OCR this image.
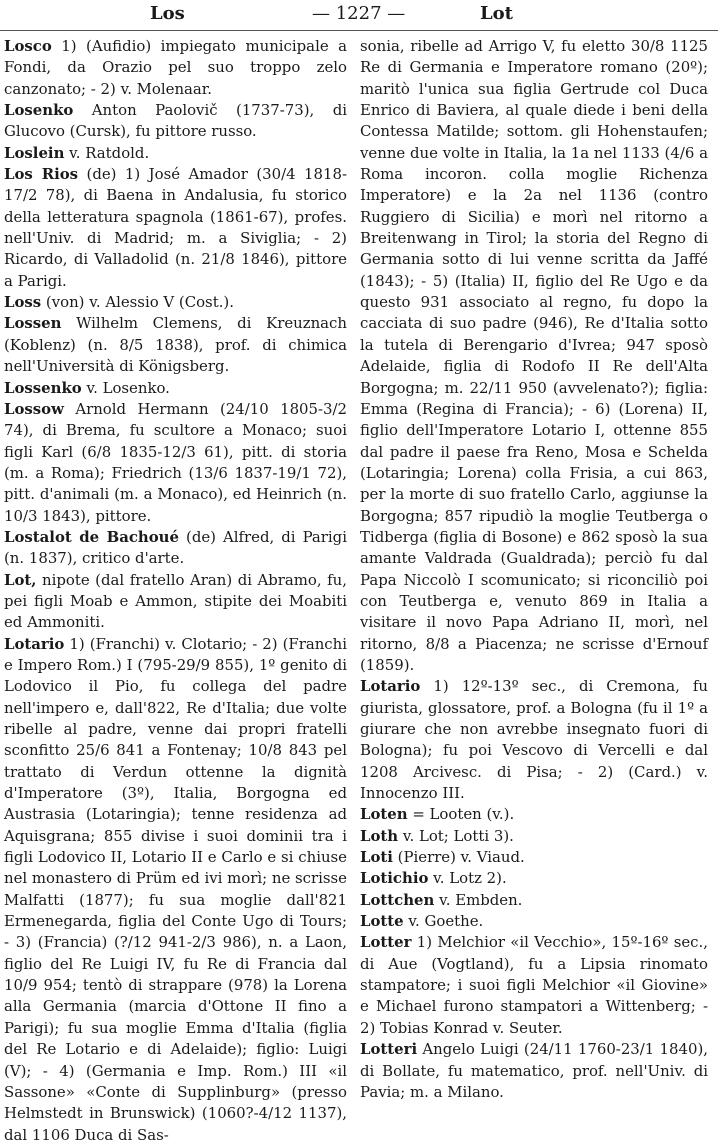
Los	— 1227 —	Lot

Losco 1) (Aufidio) impiegato municipale a Fondi, da Orazio pel suo troppo zelo canzonato; - 2) v. Molenaar.

Losenko Anton Paolovič (1737-73), di Glucovo (Cursk), fu pittore russo.

Loslein v. Ratdold.

Los Rios (de) 1) José Amador (30/4 1818-17/2 78), di Baena in Andalusia, fu storico della letteratura spagnola (1861-67), profes. nell'Univ. di Madrid; m. a Siviglia; - 2) Ricardo, di Valladolid (n. 21/8 1846), pittore a Parigi.

Loss (von) v. Alessio V (Cost.).

Lossen Wilhelm Clemens, di Kreuznach (Koblenz) (n. 8/5 1838), prof. di chimica nell'Università di Königsberg.

Lossenko v. Losenko.

Lossow Arnold Hermann (24/10 1805-3/2 74), di Brema, fu scultore a Monaco; suoi figli Karl (6/8 1835-12/3 61), pitt. di storia (m. a Roma); Friedrich (13/6 1837-19/1 72), pitt. d'animali (m. a Monaco), ed Heinrich (n. 10/3 1843), pittore.

Lostalot de Bachoué (de) Alfred, di Parigi (n. 1837), critico d'arte.

Lot, nipote (dal fratello Aran) di Abramo, fu, pei figli Moab e Ammon, stipite dei Moabiti ed Ammoniti.

Lotario 1) (Franchi) v. Clotario; - 2) (Franchi e Impero Rom.) I (795-29/9 855), 1º genito di Lodovico il Pio, fu collega del padre nell'impero e, dall'822, Re d'Italia; due volte ribelle al padre, venne dai propri fratelli sconfitto 25/6 841 a Fontenay; 10/8 843 pel trattato di Verdun ottenne la dignità d'Imperatore (3º), Italia, Borgogna ed Austrasia (Lotaringia); tenne residenza ad Aquisgrana; 855 divise i suoi dominii tra i figli Lodovico II, Lotario II e Carlo e si chiuse nel monastero di Prüm ed ivi morì; ne scrisse Malfatti (1877); fu sua moglie dall'821 Ermenegarda, figlia del Conte Ugo di Tours; - 3) (Francia) (?/12 941-2/3 986), n. a Laon, figlio del Re Luigi IV, fu Re di Francia dal 10/9 954; tentò di strappare (978) la Lorena alla Germania (marcia d'Ottone II fino a Parigi); fu sua moglie Emma d'Italia (figlia del Re Lotario e di Adelaide); figlio: Luigi (V); - 4) (Germania e Imp. Rom.) III «il Sassone» «Conte di Supplinburg» (presso Helmstedt in Brunswick) (1060?-4/12 1137), dal 1106 Duca di Sas-

sonia, ribelle ad Arrigo V, fu eletto 30/8 1125 Re di Germania e Imperatore romano (20º); maritò l'unica sua figlia Gertrude col Duca Enrico di Baviera, al quale diede i beni della Contessa Matilde; sottom. gli Hohenstaufen; venne due volte in Italia, la 1a nel 1133 (4/6 a Roma incoron. colla moglie Richenza Imperatore) e la 2a nel 1136 (contro Ruggiero di Sicilia) e morì nel ritorno a Breitenwang in Tirol; la storia del Regno di Germania sotto di lui venne scritta da Jaffé (1843); - 5) (Italia) II, figlio del Re Ugo e da questo 931 associato al regno, fu dopo la cacciata di suo padre (946), Re d'Italia sotto la tutela di Berengario d'Ivrea; 947 sposò Adelaide, figlia di Rodofo II Re dell'Alta Borgogna; m. 22/11 950 (avvelenato?); figlia: Emma (Regina di Francia); - 6) (Lorena) II, figlio dell'Imperatore Lotario I, ottenne 855 dal padre il paese fra Reno, Mosa e Schelda (Lotaringia; Lorena) colla Frisia, a cui 863, per la morte di suo fratello Carlo, aggiunse la Borgogna; 857 ripudiò la moglie Teutberga o Tidberga (figlia di Bosone) e 862 sposò la sua amante Valdrada (Gualdrada); perciò fu dal Papa Niccolò I scomunicato; si riconciliò poi con Teutberga e, venuto 869 in Italia a visitare il novo Papa Adriano II, morì, nel ritorno, 8/8 a Piacenza; ne scrisse d'Ernouf (1859).

Lotario 1) 12º-13º sec., di Cremona, fu giurista, glossatore, prof. a Bologna (fu il 1º a giurare che non avrebbe insegnato fuori di Bologna); fu poi Vescovo di Vercelli e dal 1208 Arcivesc. di Pisa; - 2) (Card.) v. Innocenzo III.

Loten = Looten (v.).

Loth v. Lot; Lotti 3).

Loti (Pierre) v. Viaud.

Lotichio v. Lotz 2).

Lottchen v. Embden.

Lotte v. Goethe.

Lotter 1) Melchior «il Vecchio», 15º-16º sec., di Aue (Vogtland), fu a Lipsia rinomato stampatore; i suoi figli Melchior «il Giovine» e Michael furono stampatori a Wittenberg; - 2) Tobias Konrad v. Seuter.

Lotteri Angelo Luigi (24/11 1760-23/1 1840), di Bollate, fu matematico, prof. nell'Univ. di Pavia; m. a Milano.
